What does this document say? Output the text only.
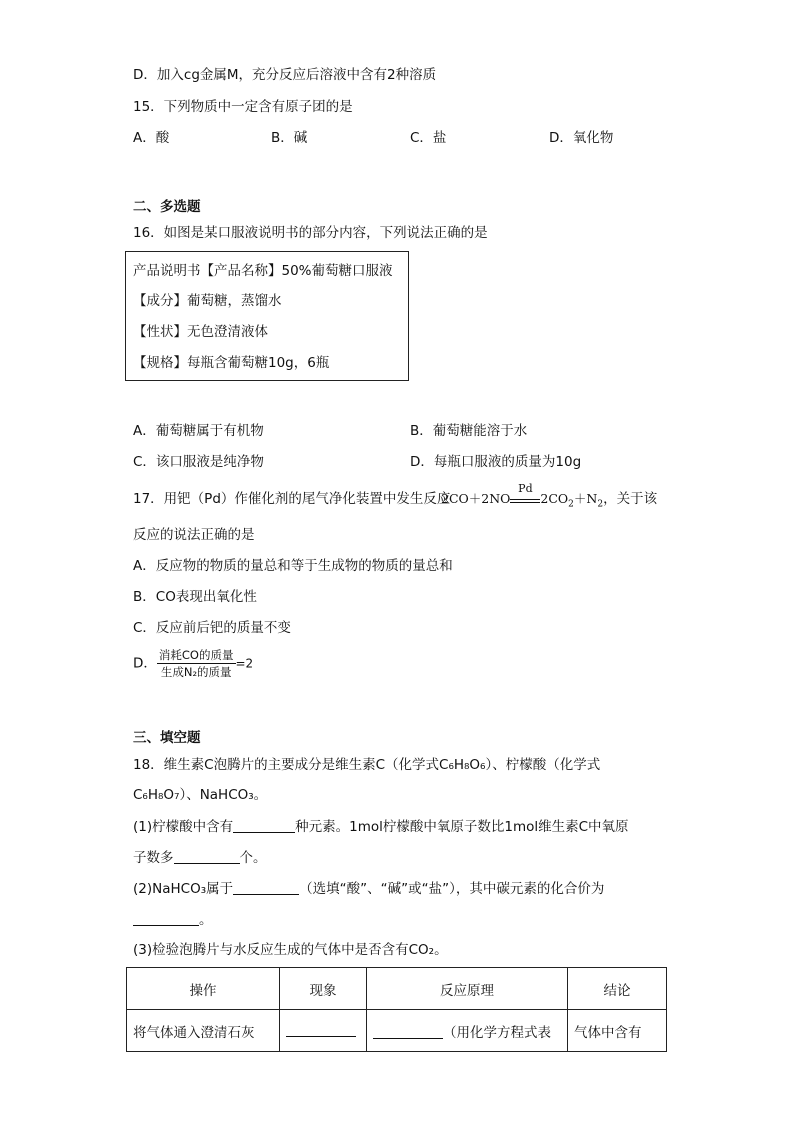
D．加入cg金属M，充分反应后溶液中含有2种溶质
15．下列物质中一定含有原子团的是
A．酸	B．碱	C．盐	D．氧化物
二、多选题
16．如图是某口服液说明书的部分内容，下列说法正确的是
产品说明书【产品名称】50%葡萄糖口服液
【成分】葡萄糖，蒸馏水
【性状】无色澄清液体
【规格】每瓶含葡萄糖10g，6瓶
A．葡萄糖属于有机物	B．葡萄糖能溶于水
C．该口服液是纯净物	D．每瓶口服液的质量为10g
17．用钯（Pd）作催化剂的尾气净化装置中发生反应
2CO＋2NO
Pd
$2CO_2+N_2$，关于该
反应的说法正确的是
A．反应物的物质的量总和等于生成物的物质的量总和
B．CO表现出氧化性
C．反应前后钯的质量不变
D． $\frac{\text{消耗CO的质量}}{\text{生成N₂的质量}} =2$
三、填空题
18．维生素C泡腾片的主要成分是维生素C（化学式C₆H₈O₆）、柠檬酸（化学式
C₆H₈O₇）、NaHCO₃。
(1)柠檬酸中含有	种元素。1mol柠檬酸中氧原子数比1mol维生素C中氧原
子数多	个。
(2)NaHCO₃属于	（选填“酸”、“碱”或“盐”），其中碳元素的化合价为
。
(3)检验泡腾片与水反应生成的气体中是否含有CO₂。
操作	现象	反应原理	结论
将气体通入澄清石灰		（用化学方程式表	气体中含有
